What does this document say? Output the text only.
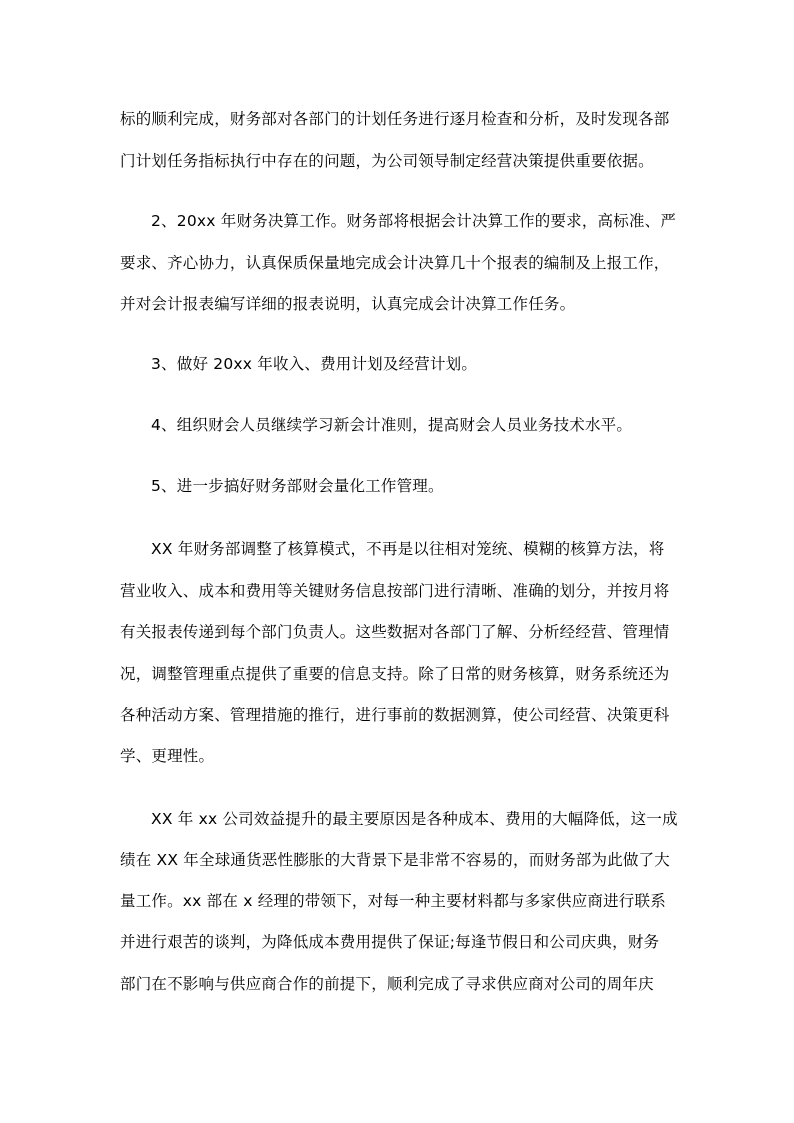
标的顺利完成，财务部对各部门的计划任务进行逐月检查和分析，及时发现各部

门计划任务指标执行中存在的问题，为公司领导制定经营决策提供重要依据。

2、20xx 年财务决算工作。财务部将根据会计决算工作的要求，高标准、严

要求、齐心协力，认真保质保量地完成会计决算几十个报表的编制及上报工作，

并对会计报表编写详细的报表说明，认真完成会计决算工作任务。

3、做好 20xx 年收入、费用计划及经营计划。

4、组织财会人员继续学习新会计准则，提高财会人员业务技术水平。

5、进一步搞好财务部财会量化工作管理。

XX 年财务部调整了核算模式，不再是以往相对笼统、模糊的核算方法，将

营业收入、成本和费用等关键财务信息按部门进行清晰、准确的划分，并按月将

有关报表传递到每个部门负责人。这些数据对各部门了解、分析经经营、管理情

况，调整管理重点提供了重要的信息支持。除了日常的财务核算，财务系统还为

各种活动方案、管理措施的推行，进行事前的数据测算，使公司经营、决策更科

学、更理性。

XX 年 xx 公司效益提升的最主要原因是各种成本、费用的大幅降低，这一成

绩在 XX 年全球通货恶性膨胀的大背景下是非常不容易的，而财务部为此做了大

量工作。xx 部在 x 经理的带领下，对每一种主要材料都与多家供应商进行联系

并进行艰苦的谈判，为降低成本费用提供了保证;每逢节假日和公司庆典，财务

部门在不影响与供应商合作的前提下，顺利完成了寻求供应商对公司的周年庆
